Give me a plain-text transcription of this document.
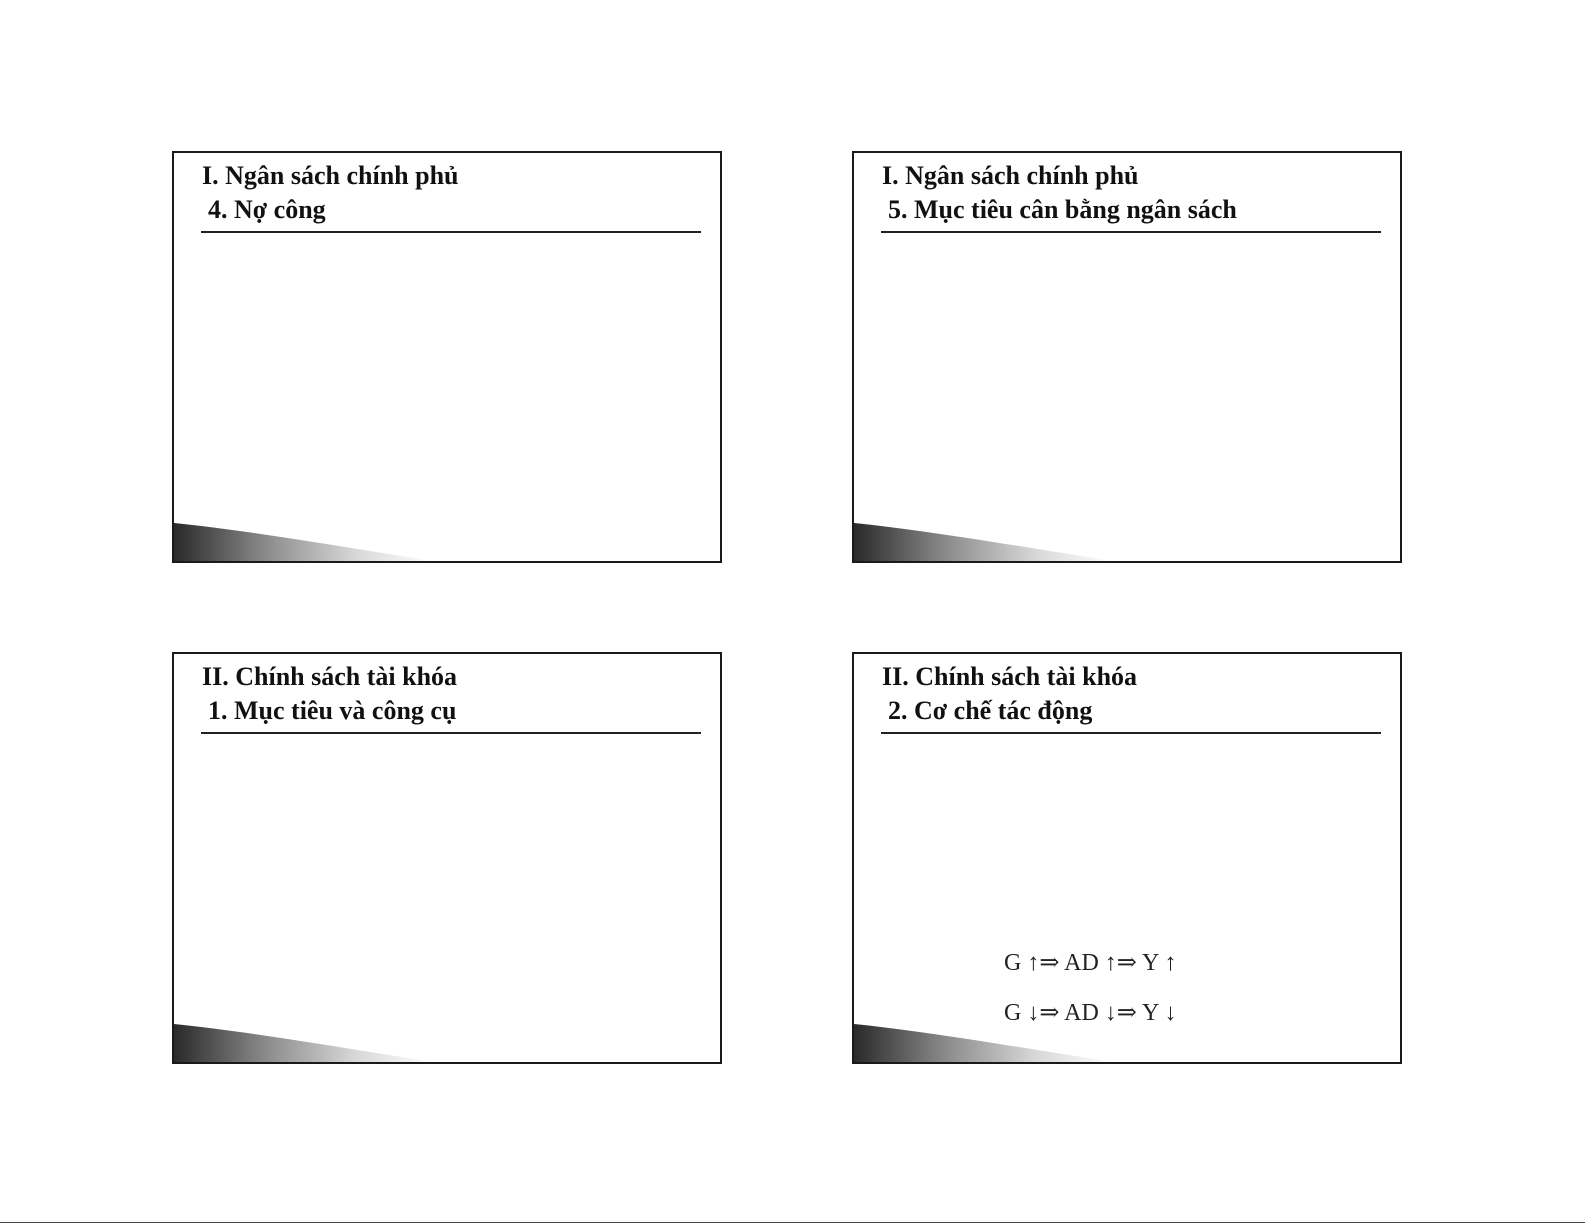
I. Ngân sách chính phủ
4. Nợ công
I. Ngân sách chính phủ
5. Mục tiêu cân bằng ngân sách
II. Chính sách tài khóa
1. Mục tiêu và công cụ
II. Chính sách tài khóa
2. Cơ chế tác động
G ↑⇒ AD ↑⇒ Y ↑
G ↓⇒ AD ↓⇒ Y ↓
